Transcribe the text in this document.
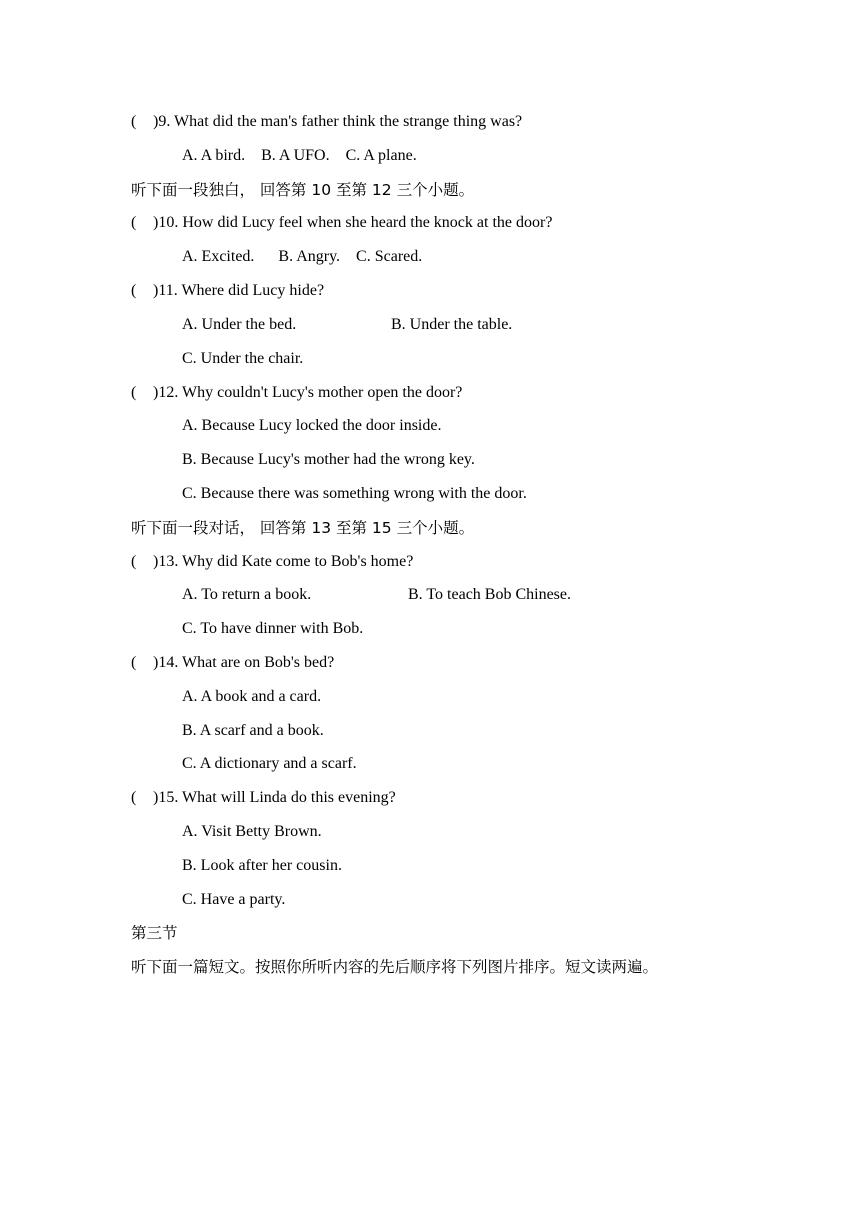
( )9. What did the man's father think the strange thing was?
A. A bird.    B. A UFO.    C. A plane.
听下面一段独白， 回答第 10 至第 12 三个小题。
( )10. How did Lucy feel when she heard the knock at the door?
A. Excited.      B. Angry.    C. Scared.
( )11. Where did Lucy hide?
A. Under the bed.	B. Under the table.
C. Under the chair.
( )12. Why couldn't Lucy's mother open the door?
A. Because Lucy locked the door inside.
B. Because Lucy's mother had the wrong key.
C. Because there was something wrong with the door.
听下面一段对话， 回答第 13 至第 15 三个小题。
( )13. Why did Kate come to Bob's home?
A. To return a book.	B. To teach Bob Chinese.
C. To have dinner with Bob.
( )14. What are on Bob's bed?
A. A book and a card.
B. A scarf and a book.
C. A dictionary and a scarf.
( )15. What will Linda do this evening?
A. Visit Betty Brown.
B. Look after her cousin.
C. Have a party.
第三节
听下面一篇短文。按照你所听内容的先后顺序将下列图片排序。短文读两遍。
